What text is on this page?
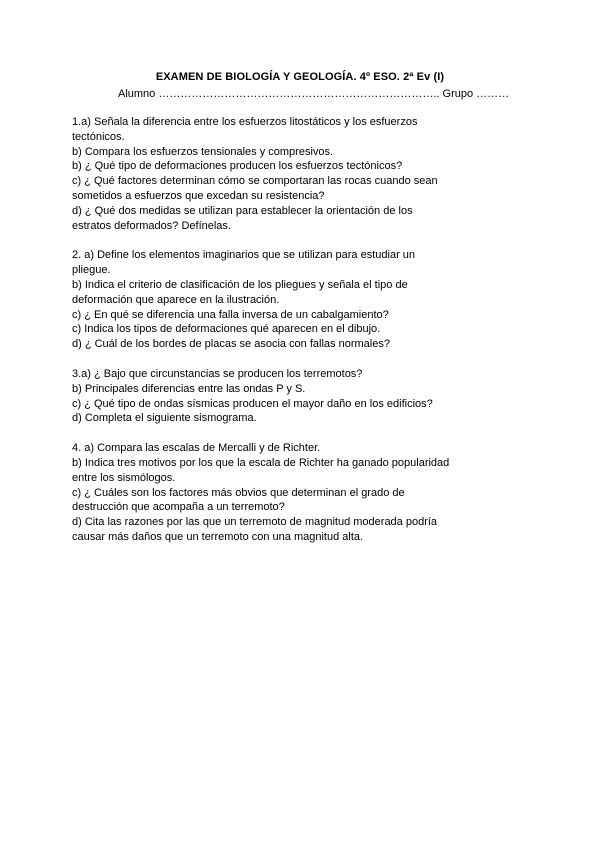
EXAMEN DE BIOLOGÍA Y GEOLOGÍA. 4º ESO. 2ª Ev (I)
Alumno ………………………………………………………………….. Grupo ………
1.a) Señala la diferencia entre los esfuerzos litostáticos y los esfuerzos tectónicos.
b) Compara los esfuerzos tensionales y compresivos.
b) ¿ Qué tipo de deformaciones producen los esfuerzos tectónicos?
c) ¿ Qué factores determinan cómo se comportaran las rocas cuando sean sometidos a esfuerzos que excedan su resistencia?
d) ¿ Qué dos medidas se utilizan para establecer la orientación de los estratos deformados? Defínelas.
2. a) Define los elementos imaginarios que se utilizan para estudiar un pliegue.
b) Indica el criterio de clasificación de los pliegues y señala el tipo de deformación que aparece en la ilustración.
c) ¿ En qué se diferencia una falla inversa de un cabalgamiento?
c) Indica los tipos de deformaciones qué aparecen en el dibujo.
d) ¿ Cuál de los bordes de placas se asocia con fallas normales?
3.a) ¿ Bajo que circunstancias se producen los terremotos?
b) Principales diferencias entre las ondas P y S.
c) ¿ Qué tipo de ondas sísmicas producen el mayor daño en los edificios?
d) Completa el siguiente sismograma.
4. a) Compara las escalas de Mercalli y de Richter.
b) Indica tres motivos por los que la escala de Richter ha ganado popularidad entre los sismólogos.
c) ¿ Cuáles son los factores más obvios que determinan el grado de destrucción que acompaña a un terremoto?
d) Cita las razones por las que un terremoto de magnitud moderada podría causar más daños que un terremoto con una magnitud alta.
